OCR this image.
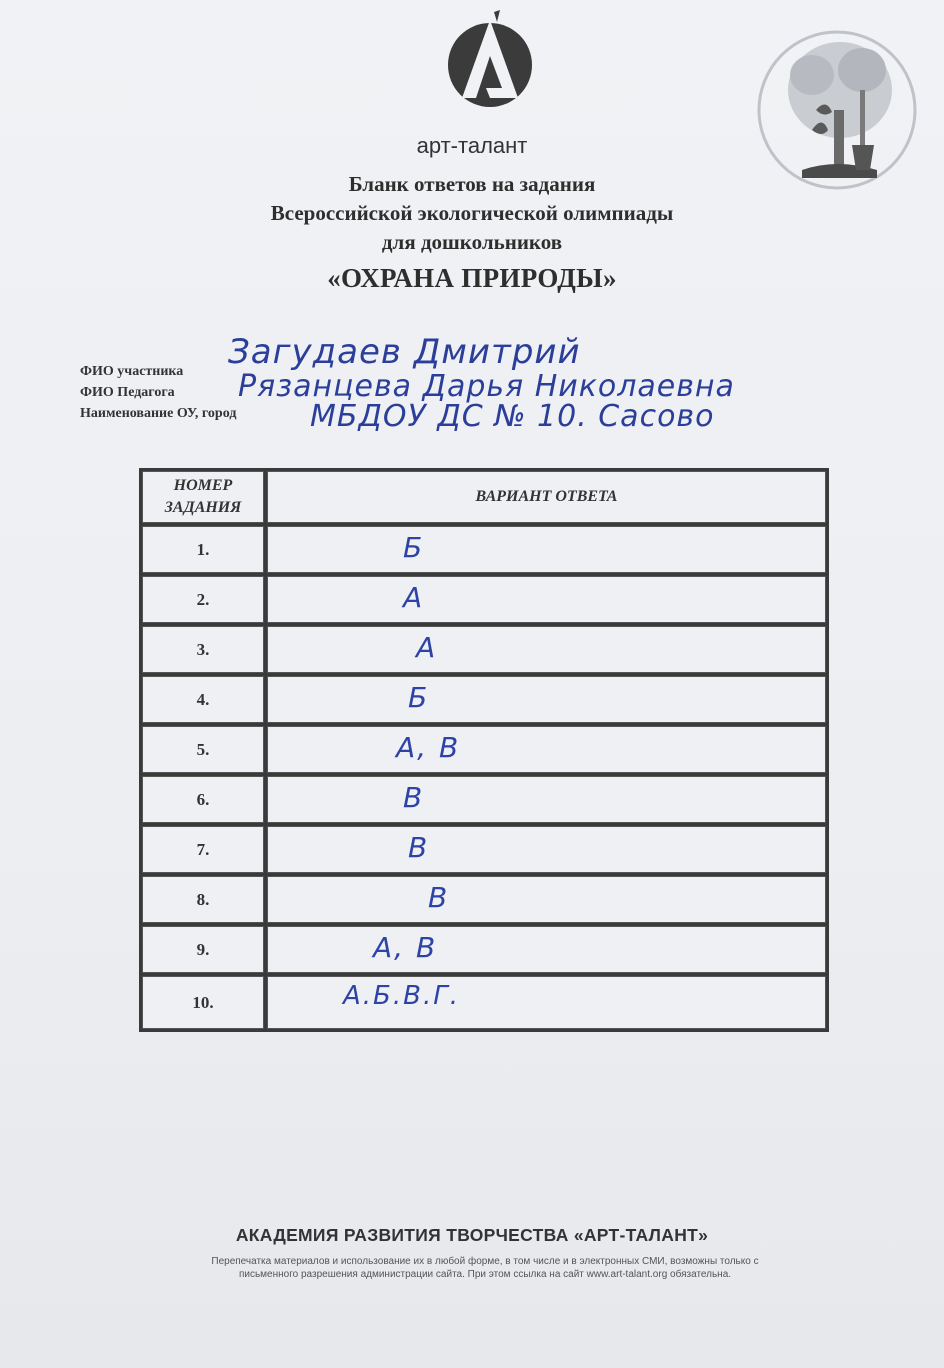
арт-талант
Бланк ответов на задания
Всероссийской экологической олимпиады
для дошкольников
«ОХРАНА ПРИРОДЫ»
ФИО участника Загудаев Дмитрий
ФИО Педагога Рязанцева Дарья Николаевна
Наименование ОУ, город МБДОУ ДС № 10. Сасово
НОМЕР ЗАДАНИЯ	ВАРИАНТ ОТВЕТА
1.	Б

2.	А

3.	А

4.	Б

5.	А, В

6.	В

7.	В

8.	В

9.	А, В

10.	А.Б.В.Г.
АКАДЕМИЯ РАЗВИТИЯ ТВОРЧЕСТВА «АРТ-ТАЛАНТ»
Перепечатка материалов и использование их в любой форме, в том числе и в электронных СМИ, возможны только с
письменного разрешения администрации сайта. При этом ссылка на сайт www.art-talant.org обязательна.
